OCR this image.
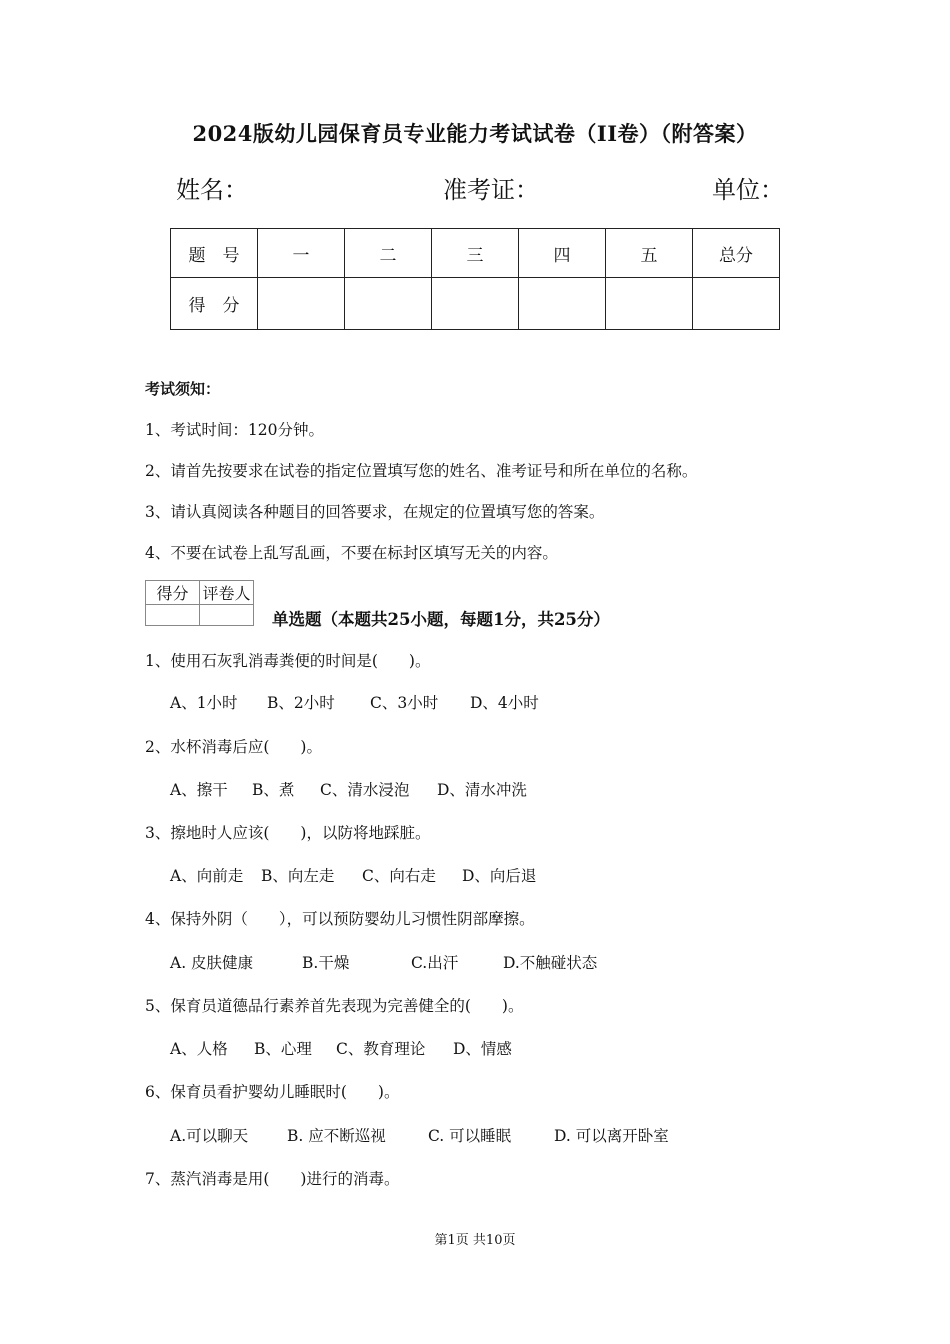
2024版幼儿园保育员专业能力考试试卷（II卷）（附答案）
姓名：	准考证：	单位：
题　号	一	二	三	四	五	总分
得　分						
考试须知：
1、考试时间：120分钟。
2、请首先按要求在试卷的指定位置填写您的姓名、准考证号和所在单位的名称。
3、请认真阅读各种题目的回答要求，在规定的位置填写您的答案。
4、不要在试卷上乱写乱画，不要在标封区填写无关的内容。
得分	评卷人

单选题（本题共25小题，每题1分，共25分）
1、使用石灰乳消毒粪便的时间是(　　)。
A、1小时 B、2小时 C、3小时 D、4小时
2、水杯消毒后应(　　)。
A、擦干 B、煮 C、清水浸泡 D、清水冲洗
3、擦地时人应该(　　)，以防将地踩脏。
A、向前走 B、向左走 C、向右走 D、向后退
4、保持外阴（　　），可以预防婴幼儿习惯性阴部摩擦。
A. 皮肤健康	B.干燥	C.出汗	D.不触碰状态
5、保育员道德品行素养首先表现为完善健全的(　　)。
A、人格 B、心理 C、教育理论 D、情感
6、保育员看护婴幼儿睡眠时(　　)。
A.可以聊天	B. 应不断巡视	C. 可以睡眠	D. 可以离开卧室
7、蒸汽消毒是用(　　)进行的消毒。
第1页 共10页
